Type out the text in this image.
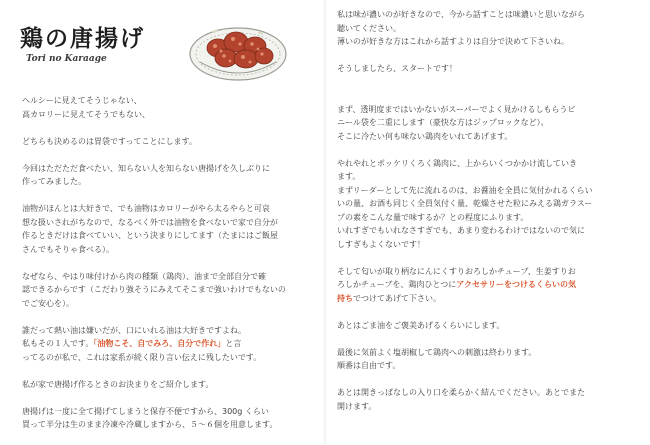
鶏の唐揚げ
Tori no Karaage
ヘルシーに見えてそうじゃない、
高カロリーに見えてそうでもない、
どちらも決めるのは胃袋ですってことにします。
今回はただただ食べたい、知らない人を知らない唐揚げを久しぶりに
作ってみました。
油物がほんとは大好きで、でも油物はカロリーがやら太るやらと可哀
想な扱いされがちなので、なるべく外では油物を食べないで家で自分が
作るときだけは食べていい、という決まりにしてます（たまにはご飯屋
さんでもそりゃ食べる）。
なぜなら、やはり味付けから肉の種類（鶏肉）、油まで全部自分で確
認できるからです（こだわり強そうにみえてそこまで強いわけでもないの
でご安心を）。
誰だって熱い油は嫌いだが、口にいれる油は大好きですよね。
私もその１人です。「油物こそ、自でみろ、自分で作れ」と言
ってるのが私で、これは家系が続く限り言い伝えに残したいです。
私が家で唐揚げ作るときのお決まりをご紹介します。
唐揚げは一度に全て揚げてしまうと保存不便ですから、300g くらい
買って半分は生のまま冷凍や冷蔵しますから、５〜６個を用意します。
私は味が濃いのが好きなので、今から話すことは味濃いと思いながら
聴いてください。
薄いのが好きな方はこれから話すよりは自分で決めて下さいね。
そうしましたら、スタートです！
まず、透明度まではいかないがスーパーでよく見かけるしもらうビ
ニール袋を二重にします（豪快な方はジップロックなど）。
そこに冷たい何も味ない鶏肉をいれてあげます。
やれやれとポッケリくろく鶏肉に、上からいくつかかけ流していき
ます。
まずリーダーとして先に流れるのは、お醤油を全員に気付かれるくらい
いの量、お酒も同じく全員気付く量、乾燥させた粒にみえる鶏ガラスー
プの素をこんな量で味するか？との程度にふります。
いれすぎでもいれなさすぎでも、あまり変わるわけではないので気に
しすぎもよくないです！
そして匂いが取り柄なにんにくすりおろしかチューブ、生姜すりお
ろしかチューブを、鶏肉ひとつにアクセサリーをつけるくらいの気
持ちでつけてあげて下さい。
あとはごま油をご褒美あげるくらいにします。
最後に気前よく塩胡椒して鶏肉への刺激は終わります。
順番は自由です。
あとは開きっぱなしの入り口を柔らかく結んでください。あとでまた
開けます。
